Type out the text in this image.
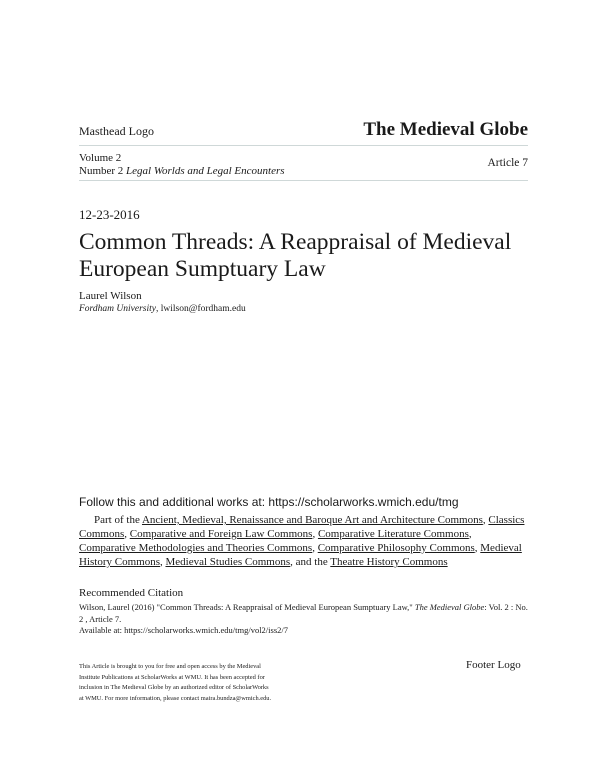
Masthead Logo	The Medieval Globe
Volume 2
Number 2 Legal Worlds and Legal Encounters
Article 7
12-23-2016
Common Threads: A Reappraisal of Medieval European Sumptuary Law
Laurel Wilson
Fordham University, lwilson@fordham.edu
Follow this and additional works at: https://scholarworks.wmich.edu/tmg
Part of the Ancient, Medieval, Renaissance and Baroque Art and Architecture Commons, Classics Commons, Comparative and Foreign Law Commons, Comparative Literature Commons, Comparative Methodologies and Theories Commons, Comparative Philosophy Commons, Medieval History Commons, Medieval Studies Commons, and the Theatre History Commons
Recommended Citation
Wilson, Laurel (2016) "Common Threads: A Reappraisal of Medieval European Sumptuary Law," The Medieval Globe: Vol. 2 : No. 2 , Article 7.
Available at: https://scholarworks.wmich.edu/tmg/vol2/iss2/7
This Article is brought to you for free and open access by the Medieval
Institute Publications at ScholarWorks at WMU. It has been accepted for
inclusion in The Medieval Globe by an authorized editor of ScholarWorks
at WMU. For more information, please contact maira.bundza@wmich.edu.
Footer Logo
